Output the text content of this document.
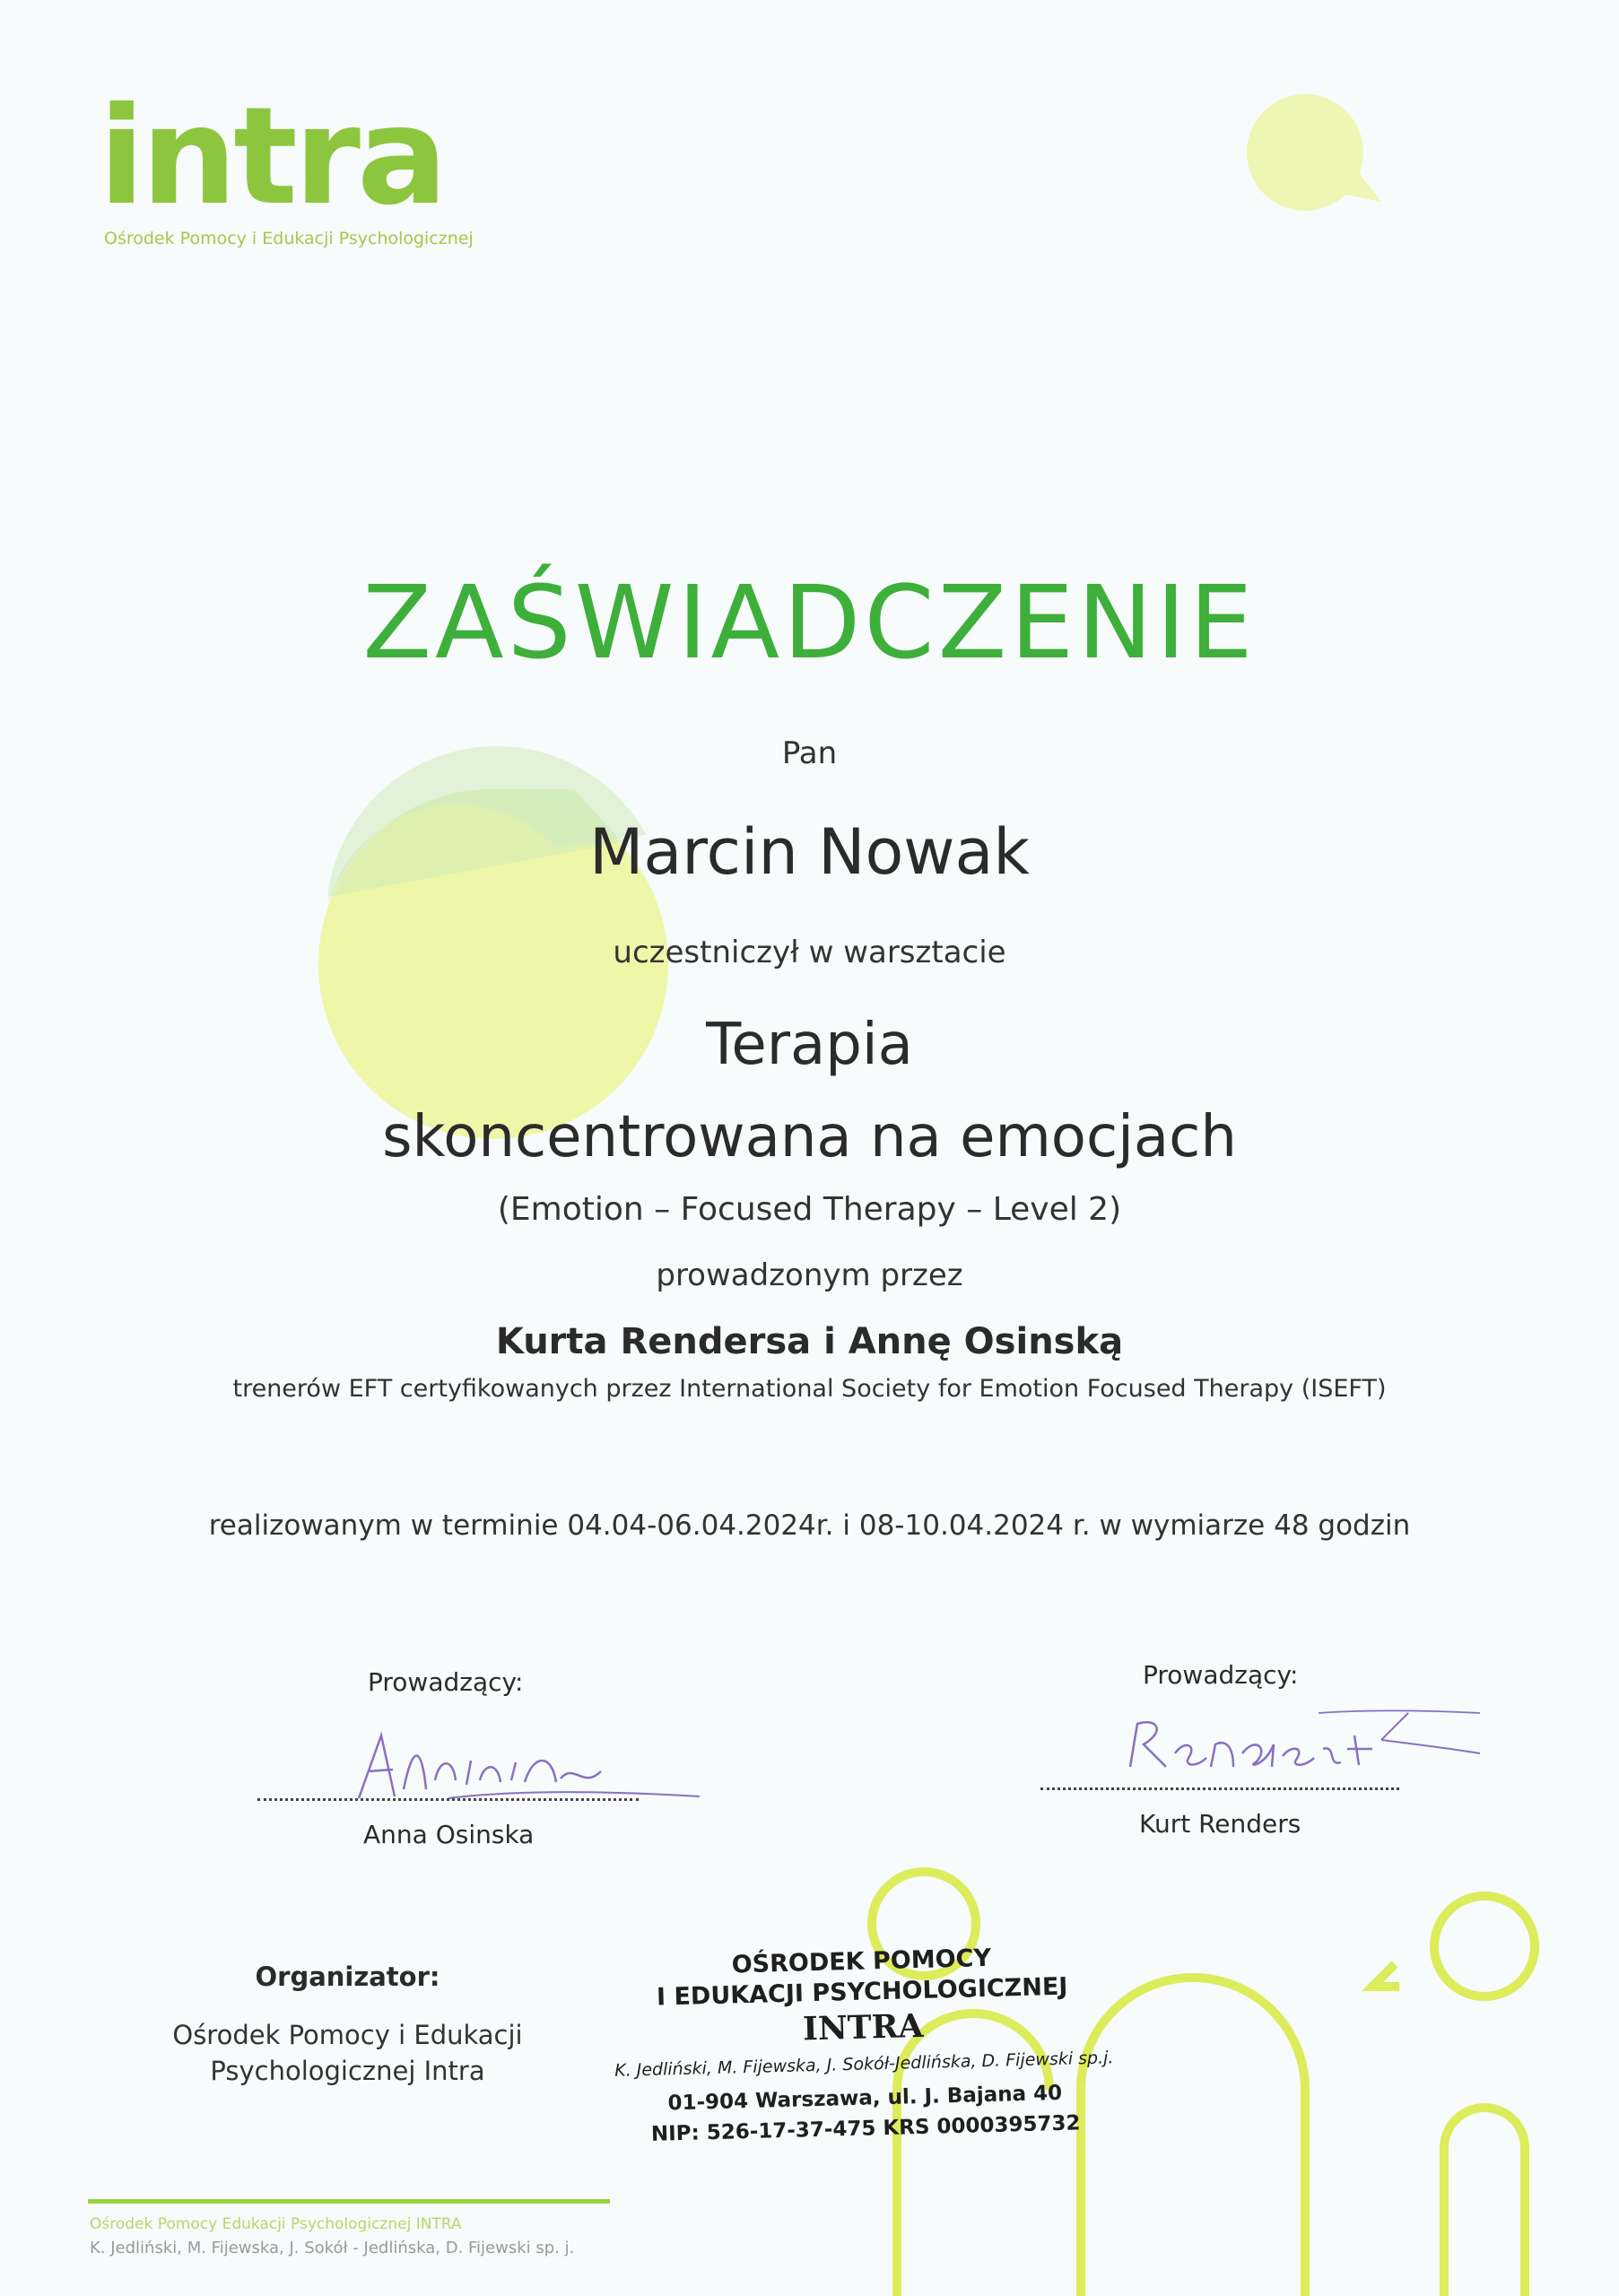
intra
Ośrodek Pomocy i Edukacji Psychologicznej
ZAŚWIADCZENIE
Pan
Marcin Nowak
uczestniczył w warsztacie
Terapia
skoncentrowana na emocjach
(Emotion – Focused Therapy – Level 2)
prowadzonym przez
Kurta Rendersa i Annę Osinską
trenerów EFT certyfikowanych przez International Society for Emotion Focused Therapy (ISEFT)
realizowanym w terminie 04.04-06.04.2024r. i 08-10.04.2024 r. w wymiarze 48 godzin
Prowadzący:
Anna Osinska
Prowadzący:
Kurt Renders
Organizator:
Ośrodek Pomocy i Edukacji
Psychologicznej Intra
OŚRODEK POMOCY
I EDUKACJI PSYCHOLOGICZNEJ
INTRA
K. Jedliński, M. Fijewska, J. Sokół-Jedlińska, D. Fijewski sp.j.
01-904 Warszawa, ul. J. Bajana 40
NIP: 526-17-37-475 KRS 0000395732
Ośrodek Pomocy Edukacji Psychologicznej INTRA
K. Jedliński, M. Fijewska, J. Sokół - Jedlińska, D. Fijewski sp. j.
